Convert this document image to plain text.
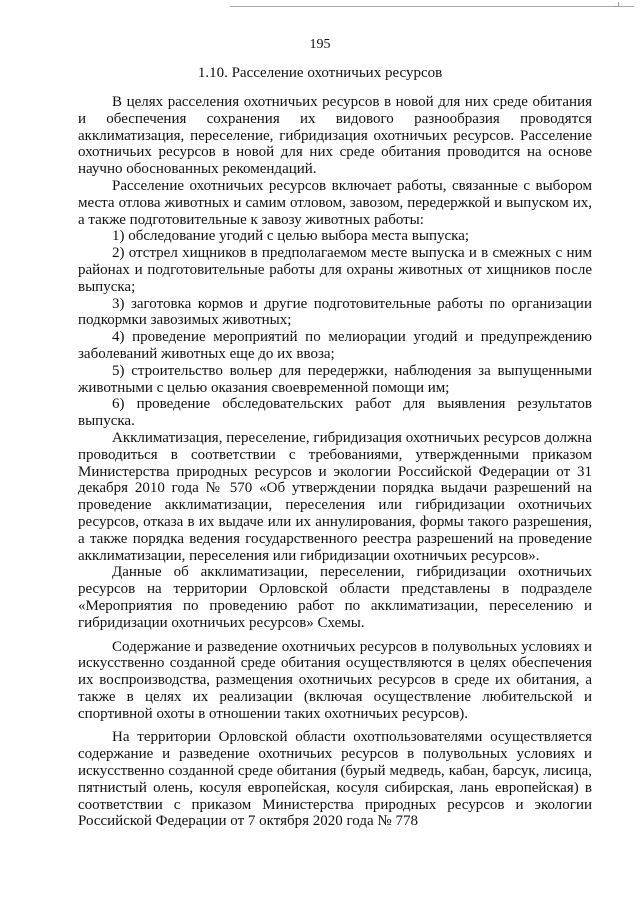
195
1.10. Расселение охотничьих ресурсов

В целях расселения охотничьих ресурсов в новой для них среде обитания и обеспечения сохранения их видового разнообразия проводятся акклиматизация, переселение, гибридизация охотничьих ресурсов. Расселение охотничьих ресурсов в новой для них среде обитания проводится на основе научно обоснованных рекомендаций.

Расселение охотничьих ресурсов включает работы, связанные с выбором места отлова животных и самим отловом, завозом, передержкой и выпуском их, а также подготовительные к завозу животных работы:

1) обследование угодий с целью выбора места выпуска;

2) отстрел хищников в предполагаемом месте выпуска и в смежных с ним районах и подготовительные работы для охраны животных от хищников после выпуска;

3) заготовка кормов и другие подготовительные работы по организации подкормки завозимых животных;

4) проведение мероприятий по мелиорации угодий и предупреждению заболеваний животных еще до их ввоза;

5) строительство вольер для передержки, наблюдения за выпущенными животными с целью оказания своевременной помощи им;

6) проведение обследовательских работ для выявления результатов выпуска.

Акклиматизация, переселение, гибридизация охотничьих ресурсов должна проводиться в соответствии с требованиями, утвержденными приказом Министерства природных ресурсов и экологии Российской Федерации от 31 декабря 2010 года № 570 «Об утверждении порядка выдачи разрешений на проведение акклиматизации, переселения или гибридизации охотничьих ресурсов, отказа в их выдаче или их аннулирования, формы такого разрешения, а также порядка ведения государственного реестра разрешений на проведение акклиматизации, переселения или гибридизации охотничьих ресурсов».

Данные об акклиматизации, переселении, гибридизации охотничьих ресурсов на территории Орловской области представлены в подразделе «Мероприятия по проведению работ по акклиматизации, переселению и гибридизации охотничьих ресурсов» Схемы.

Содержание и разведение охотничьих ресурсов в полувольных условиях и искусственно созданной среде обитания осуществляются в целях обеспечения их воспроизводства, размещения охотничьих ресурсов в среде их обитания, а также в целях их реализации (включая осуществление любительской и спортивной охоты в отношении таких охотничьих ресурсов).

На территории Орловской области охотпользователями осуществляется содержание и разведение охотничьих ресурсов в полувольных условиях и искусственно созданной среде обитания (бурый медведь, кабан, барсук, лисица, пятнистый олень, косуля европейская, косуля сибирская, лань европейская) в соответствии с приказом Министерства природных ресурсов и экологии Российской Федерации от 7 октября 2020 года № 778
